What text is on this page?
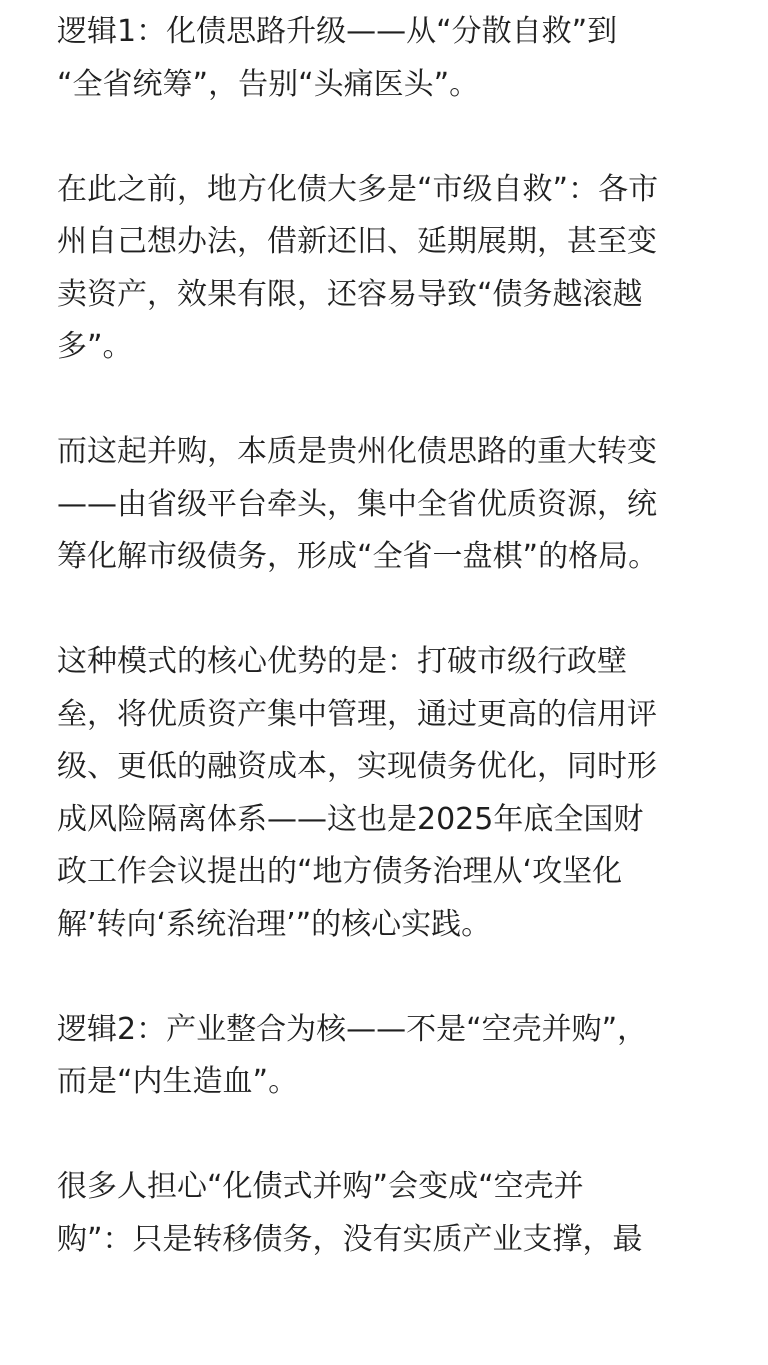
逻辑1：化债思路升级——从“分散自救”到
“全省统筹”，告别“头痛医头”。

在此之前，地方化债大多是“市级自救”：各市
州自己想办法，借新还旧、延期展期，甚至变
卖资产，效果有限，还容易导致“债务越滚越
多”。

而这起并购，本质是贵州化债思路的重大转变
——由省级平台牵头，集中全省优质资源，统
筹化解市级债务，形成“全省一盘棋”的格局。

这种模式的核心优势的是：打破市级行政壁
垒，将优质资产集中管理，通过更高的信用评
级、更低的融资成本，实现债务优化，同时形
成风险隔离体系——这也是2025年底全国财
政工作会议提出的“地方债务治理从‘攻坚化
解’转向‘系统治理’”的核心实践。

逻辑2：产业整合为核——不是“空壳并购”，
而是“内生造血”。

很多人担心“化债式并购”会变成“空壳并
购”：只是转移债务，没有实质产业支撑，最
